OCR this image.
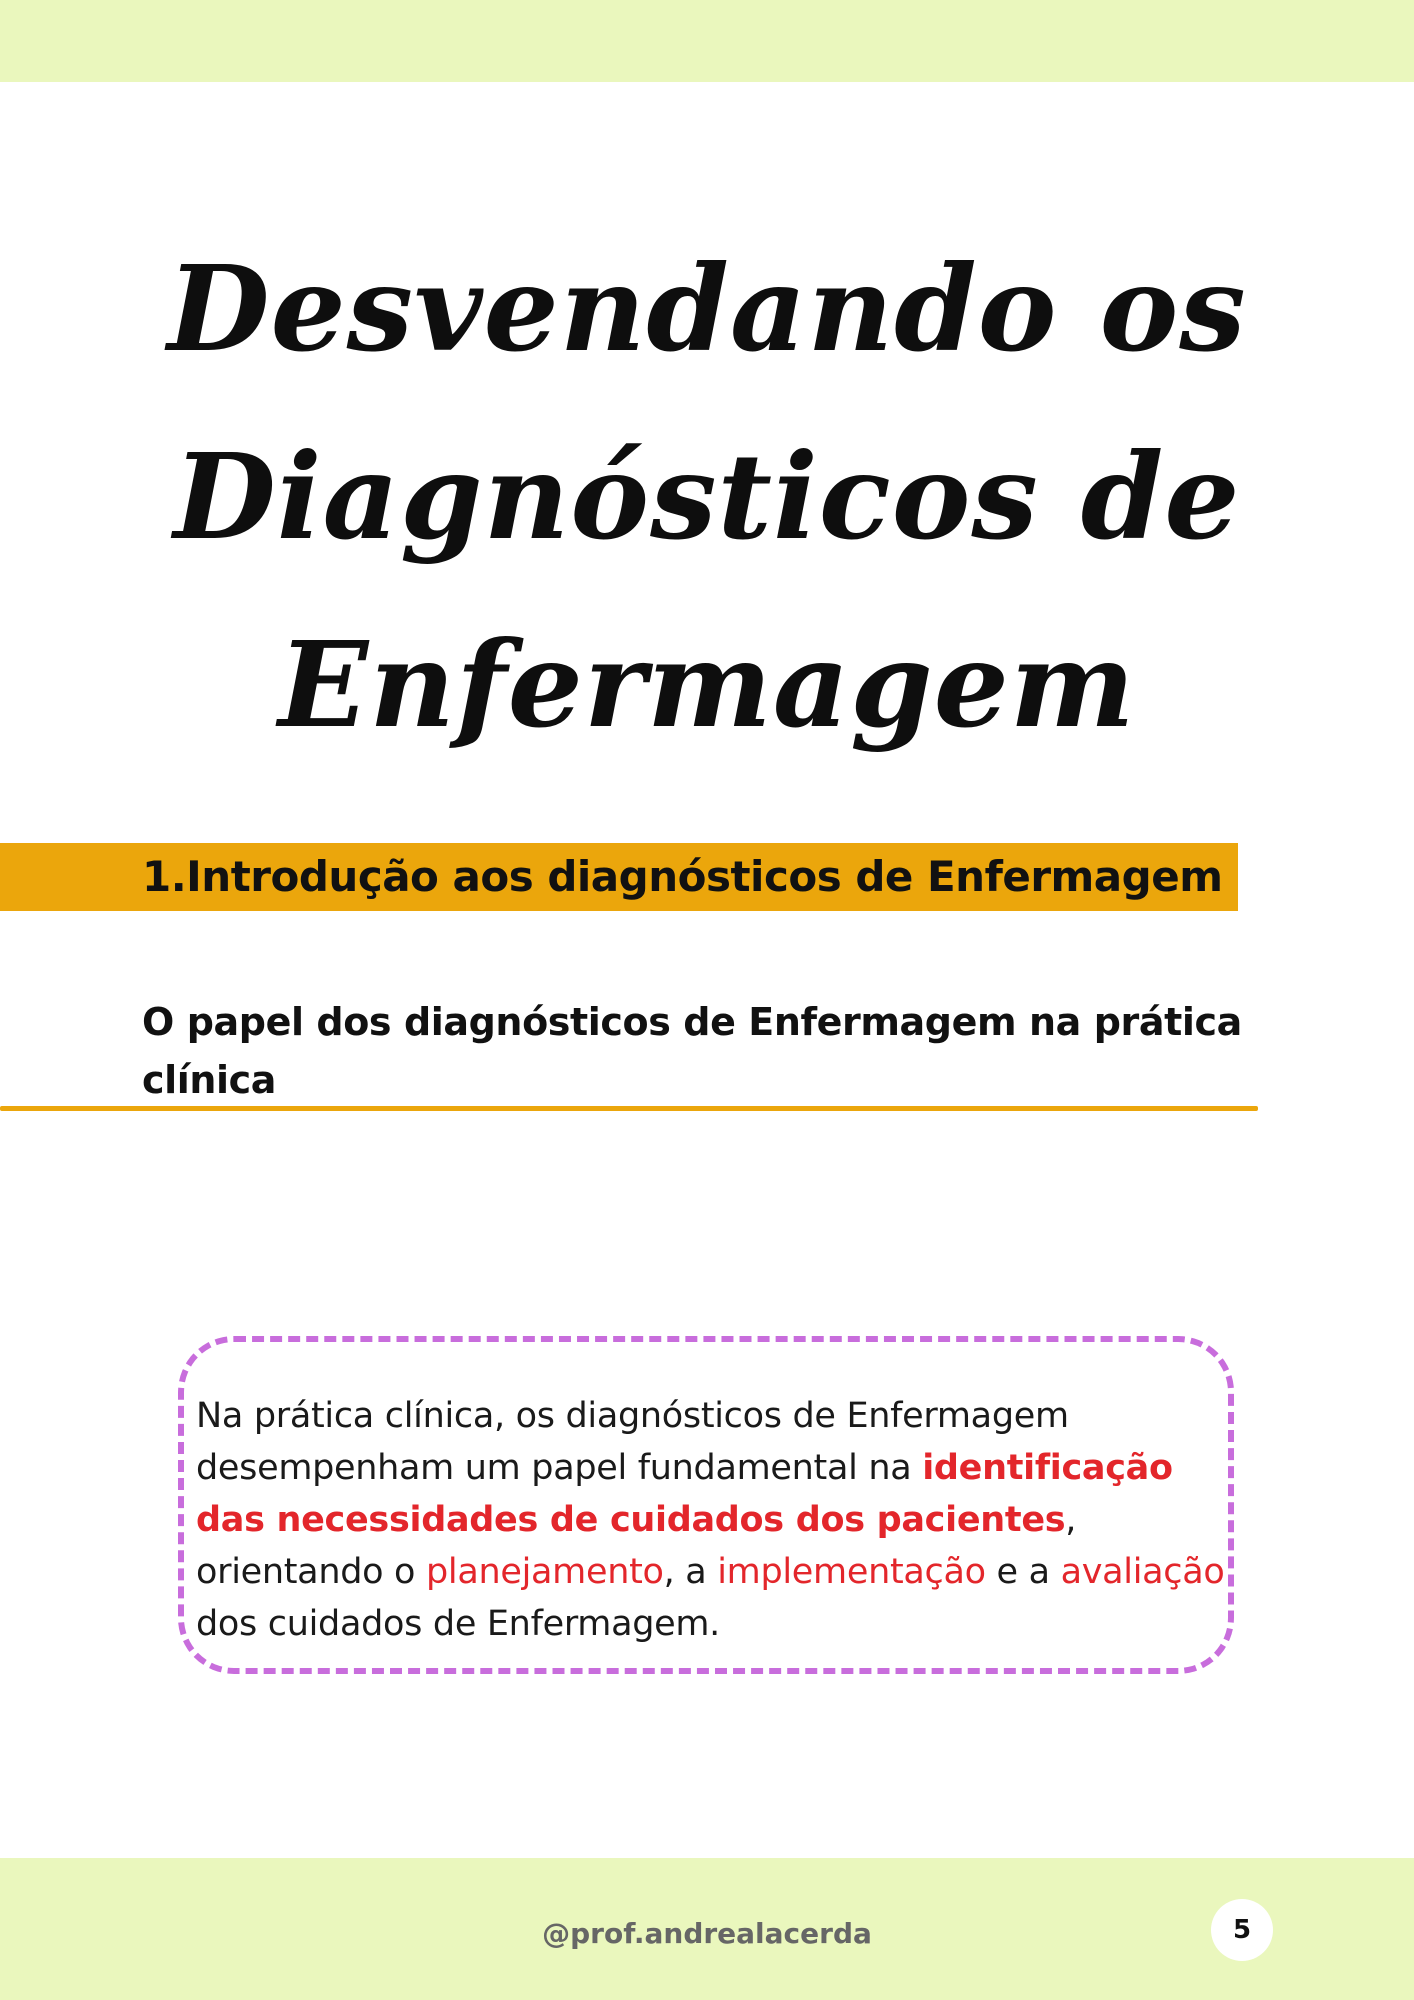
Desvendando os
Diagnósticos de
Enfermagem
1.Introdução aos diagnósticos de Enfermagem
O papel dos diagnósticos de Enfermagem na prática clínica

Na prática clínica, os diagnósticos de Enfermagem desempenham um papel fundamental na identificação das necessidades de cuidados dos pacientes, orientando o planejamento, a implementação e a avaliação dos cuidados de Enfermagem.

@prof.andrealacerda	5
